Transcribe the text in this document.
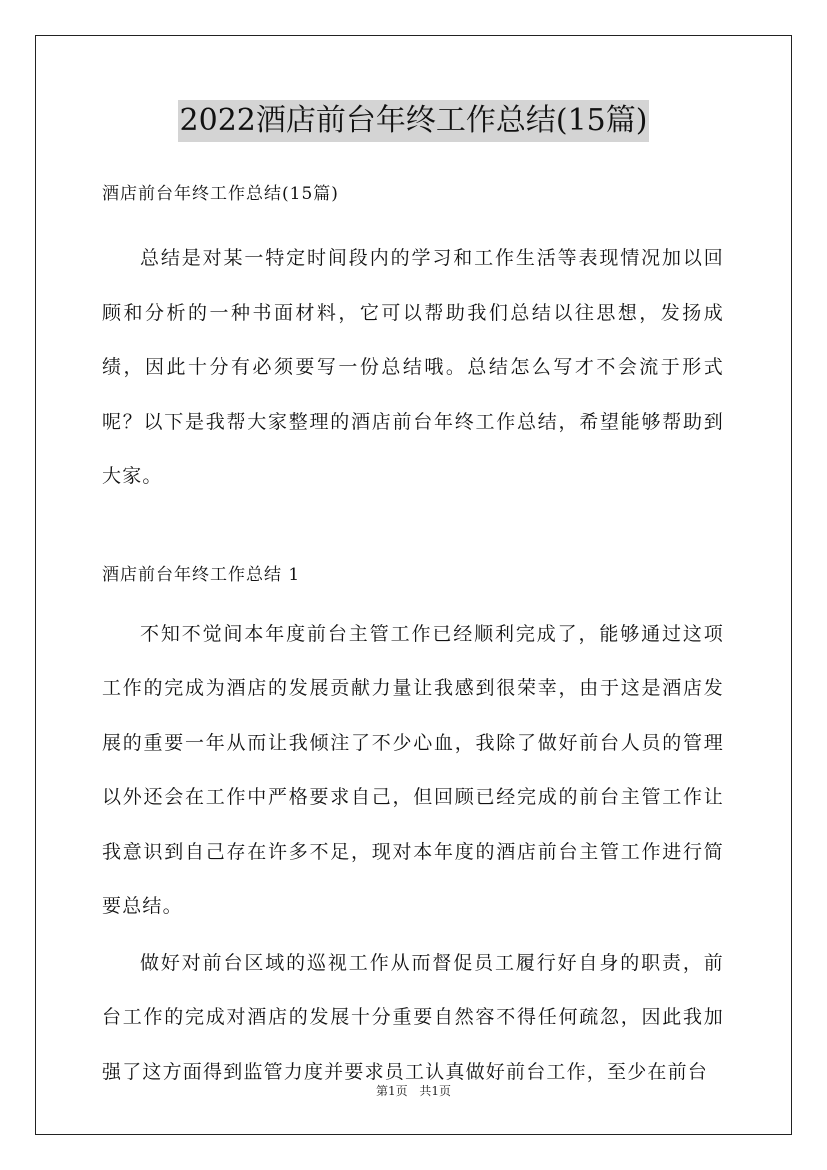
2022酒店前台年终工作总结(15篇)

酒店前台年终工作总结(15篇)

总结是对某一特定时间段内的学习和工作生活等表现情况加以回顾和分析的一种书面材料，它可以帮助我们总结以往思想，发扬成绩，因此十分有必须要写一份总结哦。总结怎么写才不会流于形式呢？以下是我帮大家整理的酒店前台年终工作总结，希望能够帮助到大家。

酒店前台年终工作总结 1

不知不觉间本年度前台主管工作已经顺利完成了，能够通过这项工作的完成为酒店的发展贡献力量让我感到很荣幸，由于这是酒店发展的重要一年从而让我倾注了不少心血，我除了做好前台人员的管理以外还会在工作中严格要求自己，但回顾已经完成的前台主管工作让我意识到自己存在许多不足，现对本年度的酒店前台主管工作进行简要总结。

做好对前台区域的巡视工作从而督促员工履行好自身的职责，前台工作的完成对酒店的发展十分重要自然容不得任何疏忽，因此我加强了这方面得到监管力度并要求员工认真做好前台工作，至少在前台

第1页 共1页
